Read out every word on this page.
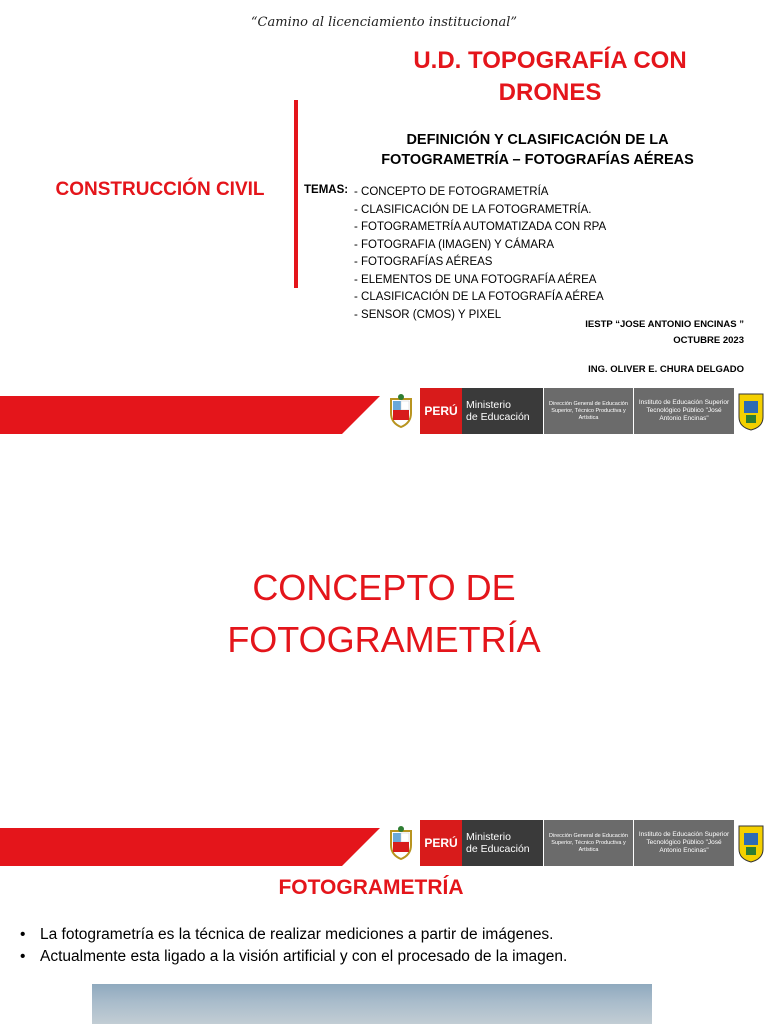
“Camino al licenciamiento institucional”
U.D. TOPOGRAFÍA CON DRONES
DEFINICIÓN Y CLASIFICACIÓN DE LA FOTOGRAMETRÍA – FOTOGRAFÍAS AÉREAS
CONSTRUCCIÓN CIVIL	TEMAS: - CONCEPTO DE FOTOGRAMETRÍA
- CLASIFICACIÓN DE LA FOTOGRAMETRÍA.
- FOTOGRAMETRÍA AUTOMATIZADA CON RPA
- FOTOGRAFIA (IMAGEN) Y CÁMARA
- FOTOGRAFÍAS AÉREAS
- ELEMENTOS DE UNA FOTOGRAFÍA AÉREA
- CLASIFICACIÓN DE LA FOTOGRAFÍA AÉREA
- SENSOR (CMOS) Y PIXEL
IESTP “JOSE ANTONIO ENCINAS ”
OCTUBRE 2023
ING. OLIVER E. CHURA DELGADO
PERÚ Ministerio
de Educación
Dirección General de Educación Superior, Técnico Productiva y Artística
Instituto de Educación Superior Tecnológico Público "José Antonio Encinas"
CONCEPTO DE
FOTOGRAMETRÍA
PERÚ Ministerio
de Educación
Dirección General de Educación Superior, Técnico Productiva y Artística
Instituto de Educación Superior Tecnológico Público "José Antonio Encinas"
FOTOGRAMETRÍA
• La fotogrametría es la técnica de realizar mediciones a partir de imágenes.
• Actualmente esta ligado a la visión artificial y con el procesado de la imagen.
